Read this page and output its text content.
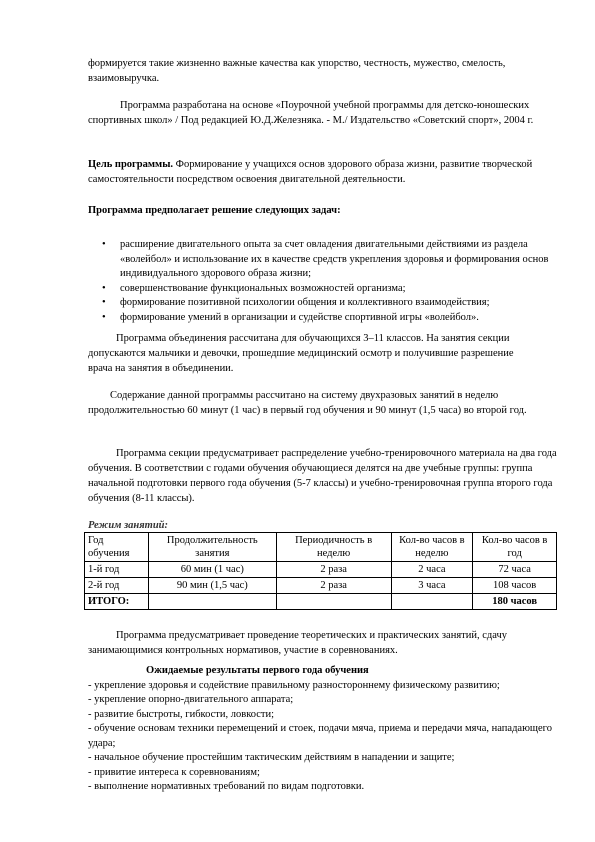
формируется такие жизненно важные качества как упорство, честность, мужество, смелость, взаимовыручка.

Программа разработана на основе «Поурочной учебной программы для детско-юношеских спортивных школ» / Под редакцией Ю.Д.Железняка. - М./ Издательство «Советский спорт», 2004 г.

Цель программы. Формирование у учащихся основ здорового образа жизни, развитие творческой самостоятельности посредством освоения двигательной деятельности.

Программа предполагает решение следующих задач:

• расширение двигательного опыта за счет овладения двигательными действиями из раздела «волейбол» и использование их в качестве средств укрепления здоровья и формирования основ индивидуального здорового образа жизни;
• совершенствование функциональных возможностей организма;
• формирование позитивной психологии общения и коллективного взаимодействия;
• формирование умений в организации и судействе спортивной игры «волейбол».

Программа объединения рассчитана для обучающихся 3–11 классов. На занятия секции допускаются мальчики и девочки, прошедшие медицинский осмотр и получившие разрешение врача на занятия в объединении.

Содержание данной программы рассчитано на систему двухразовых занятий в неделю продолжительностью 60 минут (1 час) в первый год обучения и 90 минут (1,5 часа) во второй год.

Программа секции предусматривает распределение учебно-тренировочного материала на два года обучения. В соответствии с годами обучения обучающиеся делятся на две учебные группы: группа начальной подготовки первого года обучения (5-7 классы) и учебно-тренировочная группа второго года обучения (8-11 классы).

Режим занятий:
Год обучения	Продолжительность занятия	Периодичность в неделю	Кол-во часов в неделю	Кол-во часов в год
1-й год	60 мин (1 час)	2 раза	2 часа	72 часа
2-й год	90 мин (1,5 час)	2 раза	3 часа	108 часов
ИТОГО:				180 часов

Программа предусматривает проведение теоретических и практических занятий, сдачу занимающимися контрольных нормативов, участие в соревнованиях.

Ожидаемые результаты первого года обучения
- укрепление здоровья и содействие правильному разностороннему физическому развитию;
- укрепление опорно-двигательного аппарата;
- развитие быстроты, гибкости, ловкости;
- обучение основам техники перемещений и стоек, подачи мяча, приема и передачи мяча, нападающего удара;
- начальное обучение простейшим тактическим действиям в нападении и защите;
- привитие интереса к соревнованиям;
- выполнение нормативных требований по видам подготовки.
